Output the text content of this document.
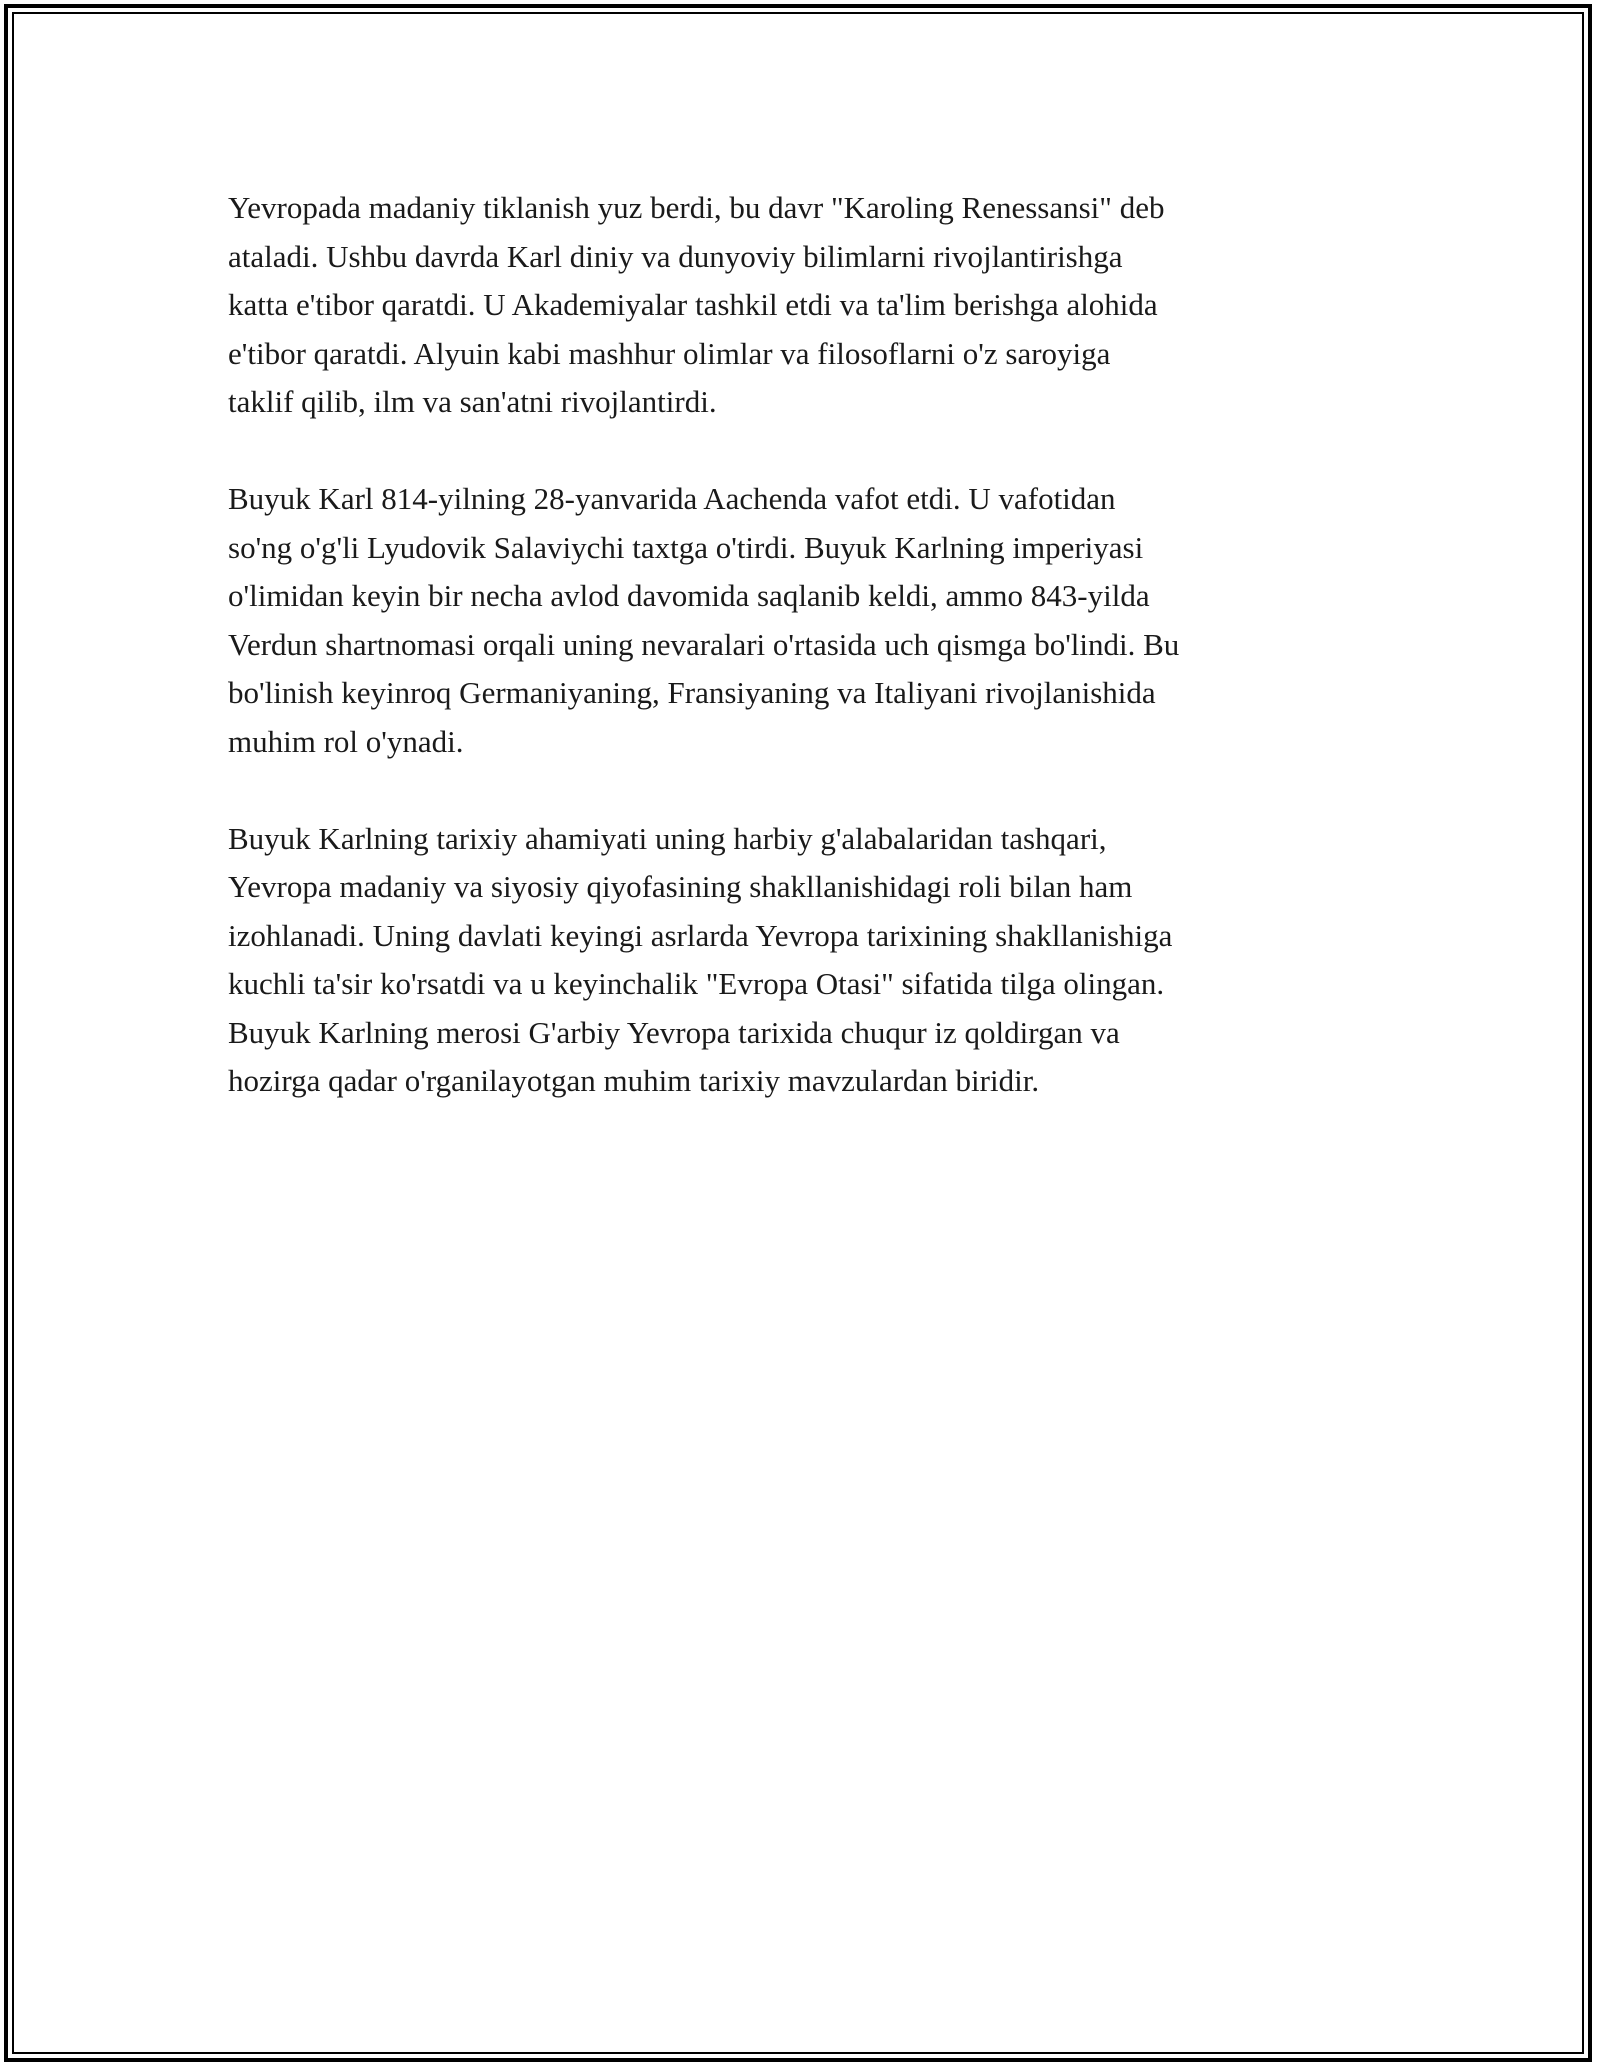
Yevropada madaniy tiklanish yuz berdi, bu davr "Karoling Renessansi" deb
ataladi. Ushbu davrda Karl diniy va dunyoviy bilimlarni rivojlantirishga
katta e'tibor qaratdi. U Akademiyalar tashkil etdi va ta'lim berishga alohida
e'tibor qaratdi. Alyuin kabi mashhur olimlar va filosoflarni o'z saroyiga
taklif qilib, ilm va san'atni rivojlantirdi.

Buyuk Karl 814-yilning 28-yanvarida Aachenda vafot etdi. U vafotidan
so'ng o'g'li Lyudovik Salaviychi taxtga o'tirdi. Buyuk Karlning imperiyasi
o'limidan keyin bir necha avlod davomida saqlanib keldi, ammo 843-yilda
Verdun shartnomasi orqali uning nevaralari o'rtasida uch qismga bo'lindi. Bu
bo'linish keyinroq Germaniyaning, Fransiyaning va Italiyani rivojlanishida
muhim rol o'ynadi.

Buyuk Karlning tarixiy ahamiyati uning harbiy g'alabalaridan tashqari,
Yevropa madaniy va siyosiy qiyofasining shakllanishidagi roli bilan ham
izohlanadi. Uning davlati keyingi asrlarda Yevropa tarixining shakllanishiga
kuchli ta'sir ko'rsatdi va u keyinchalik "Evropa Otasi" sifatida tilga olingan.
Buyuk Karlning merosi G'arbiy Yevropa tarixida chuqur iz qoldirgan va
hozirga qadar o'rganilayotgan muhim tarixiy mavzulardan biridir.
